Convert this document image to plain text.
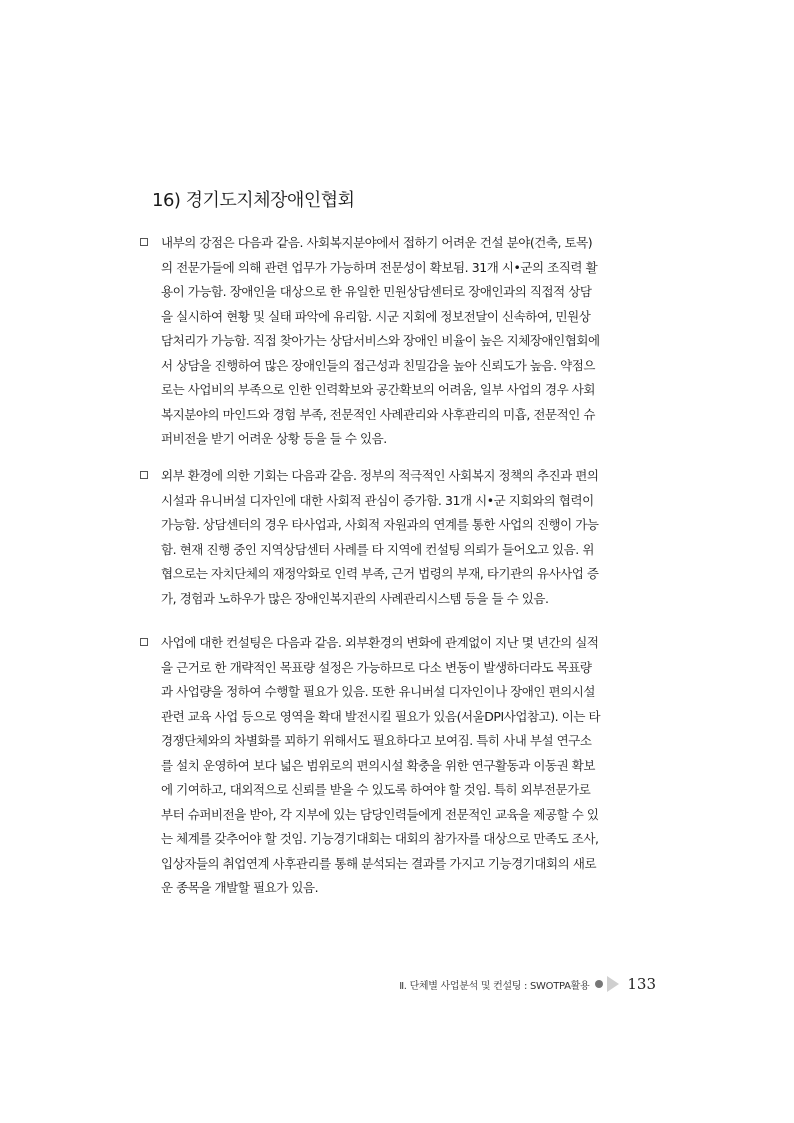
16) 경기도지체장애인협회
내부의 강점은 다음과 같음. 사회복지분야에서 접하기 어려운 건설 분야(건축, 토목)
의 전문가들에 의해 관련 업무가 가능하며 전문성이 확보됨. 31개 시•군의 조직력 활
용이 가능함. 장애인을 대상으로 한 유일한 민원상담센터로 장애인과의 직접적 상담
을 실시하여 현황 및 실태 파악에 유리함. 시군 지회에 정보전달이 신속하여, 민원상
담처리가 가능함. 직접 찾아가는 상담서비스와 장애인 비율이 높은 지체장애인협회에
서 상담을 진행하여 많은 장애인들의 접근성과 친밀감을 높아 신뢰도가 높음. 약점으
로는 사업비의 부족으로 인한 인력확보와 공간확보의 어려움, 일부 사업의 경우 사회
복지분야의 마인드와 경험 부족, 전문적인 사례관리와 사후관리의 미흡, 전문적인 슈
퍼비전을 받기 어려운 상황 등을 들 수 있음.
외부 환경에 의한 기회는 다음과 같음. 정부의 적극적인 사회복지 정책의 추진과 편의
시설과 유니버설 디자인에 대한 사회적 관심이 증가함. 31개 시•군 지회와의 협력이
가능함. 상담센터의 경우 타사업과, 사회적 자원과의 연계를 통한 사업의 진행이 가능
함. 현재 진행 중인 지역상담센터 사례를 타 지역에 컨설팅 의뢰가 들어오고 있음. 위
협으로는 자치단체의 재정악화로 인력 부족, 근거 법령의 부재, 타기관의 유사사업 증
가, 경험과 노하우가 많은 장애인복지관의 사례관리시스템 등을 들 수 있음.
사업에 대한 컨설팅은 다음과 같음. 외부환경의 변화에 관계없이 지난 몇 년간의 실적
을 근거로 한 개략적인 목표량 설정은 가능하므로 다소 변동이 발생하더라도 목표량
과 사업량을 정하여 수행할 필요가 있음. 또한 유니버설 디자인이나 장애인 편의시설
관련 교육 사업 등으로 영역을 확대 발전시킬 필요가 있음(서울DPI사업참고). 이는 타
경쟁단체와의 차별화를 꾀하기 위해서도 필요하다고 보여짐. 특히 사내 부설 연구소
를 설치 운영하여 보다 넓은 범위로의 편의시설 확충을 위한 연구활동과 이동권 확보
에 기여하고, 대외적으로 신뢰를 받을 수 있도록 하여야 할 것임. 특히 외부전문가로
부터 슈퍼비전을 받아, 각 지부에 있는 담당인력들에게 전문적인 교육을 제공할 수 있
는 체계를 갖추어야 할 것임. 기능경기대회는 대회의 참가자를 대상으로 만족도 조사,
입상자들의 취업연계 사후관리를 통해 분석되는 결과를 가지고 기능경기대회의 새로
운 종목을 개발할 필요가 있음.
Ⅱ. 단체별 사업분석 및 컨설팅 : SWOTPA활용	133
